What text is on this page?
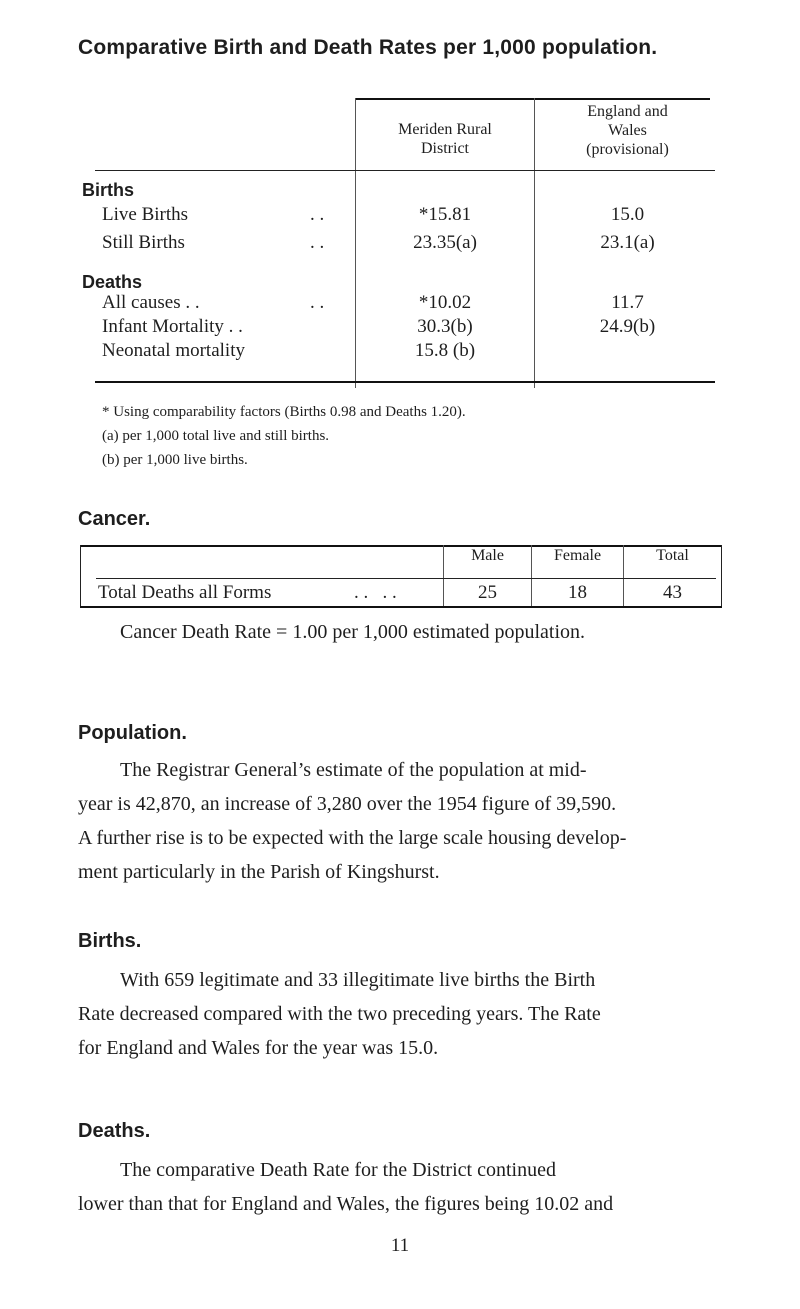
Comparative Birth and Death Rates per 1,000 population.
Meriden Rural
District
England and
Wales
(provisional)
Births
Live Births	. .	*15.81	15.0
Still Births	. .	23.35(a)	23.1(a)
Deaths
All causes . .	. .	*10.02	11.7
Infant Mortality . .	30.3(b)	24.9(b)
Neonatal mortality	15.8 (b)
* Using comparability factors (Births 0.98 and Deaths 1.20).
(a) per 1,000 total live and still births.
(b) per 1,000 live births.
Cancer.
Male	Female	Total
Total Deaths all Forms	. .   . .	25	18	43
Cancer Death Rate = 1.00 per 1,000 estimated population.
Population.
The Registrar General’s estimate of the population at mid-
year is 42,870, an increase of 3,280 over the 1954 figure of 39,590.
A further rise is to be expected with the large scale housing develop-
ment particularly in the Parish of Kingshurst.
Births.
With 659 legitimate and 33 illegitimate live births the Birth
Rate decreased compared with the two preceding years. The Rate
for England and Wales for the year was 15.0.
Deaths.
The comparative Death Rate for the District continued
lower than that for England and Wales, the figures being 10.02 and
11
